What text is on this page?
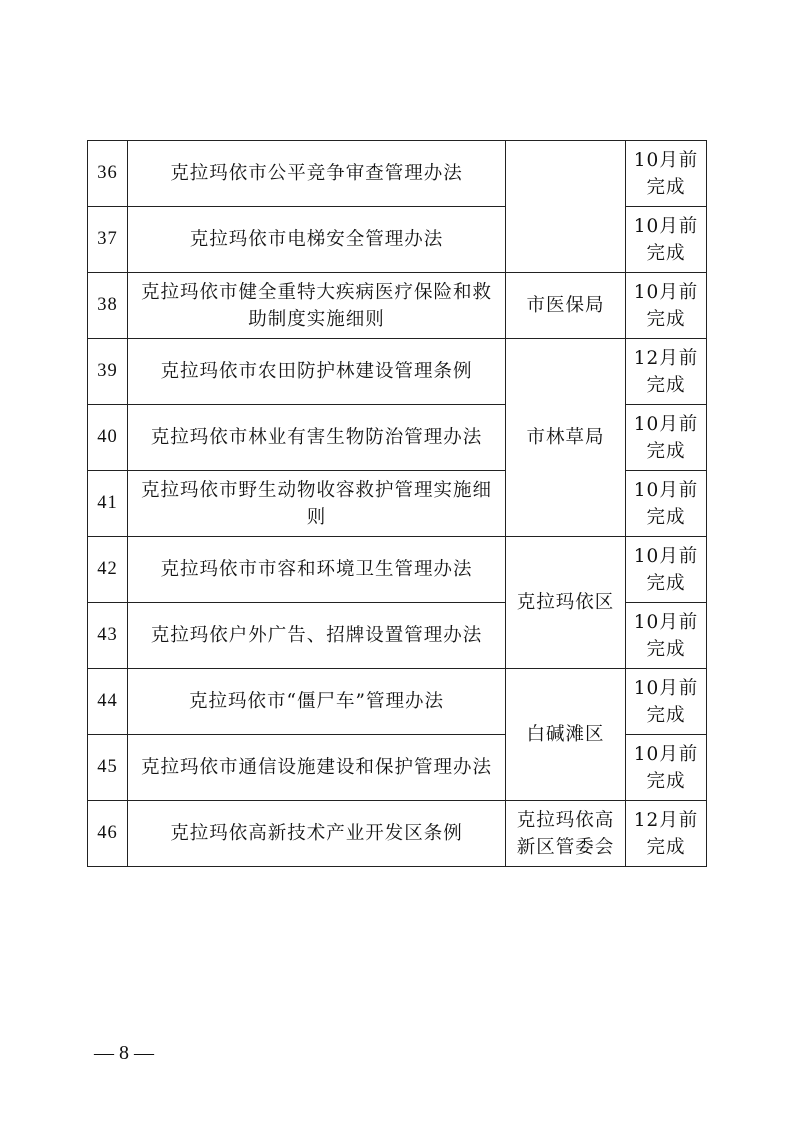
36	克拉玛依市公平竞争审查管理办法		10月前
完成

37	克拉玛依市电梯安全管理办法		10月前
完成

38	克拉玛依市健全重特大疾病医疗保险和救助制度实施细则	市医保局	10月前
完成

39	克拉玛依市农田防护林建设管理条例	市林草局	12月前
完成

40	克拉玛依市林业有害生物防治管理办法		10月前
完成

41	克拉玛依市野生动物收容救护管理实施细则		10月前
完成

42	克拉玛依市市容和环境卫生管理办法	克拉玛依区	10月前
完成

43	克拉玛依户外广告、招牌设置管理办法		10月前
完成

44	克拉玛依市“僵尸车”管理办法	白碱滩区	10月前
完成

45	克拉玛依市通信设施建设和保护管理办法		10月前
完成

46	克拉玛依高新技术产业开发区条例	克拉玛依高新区管委会	12月前
完成
— 8 —
